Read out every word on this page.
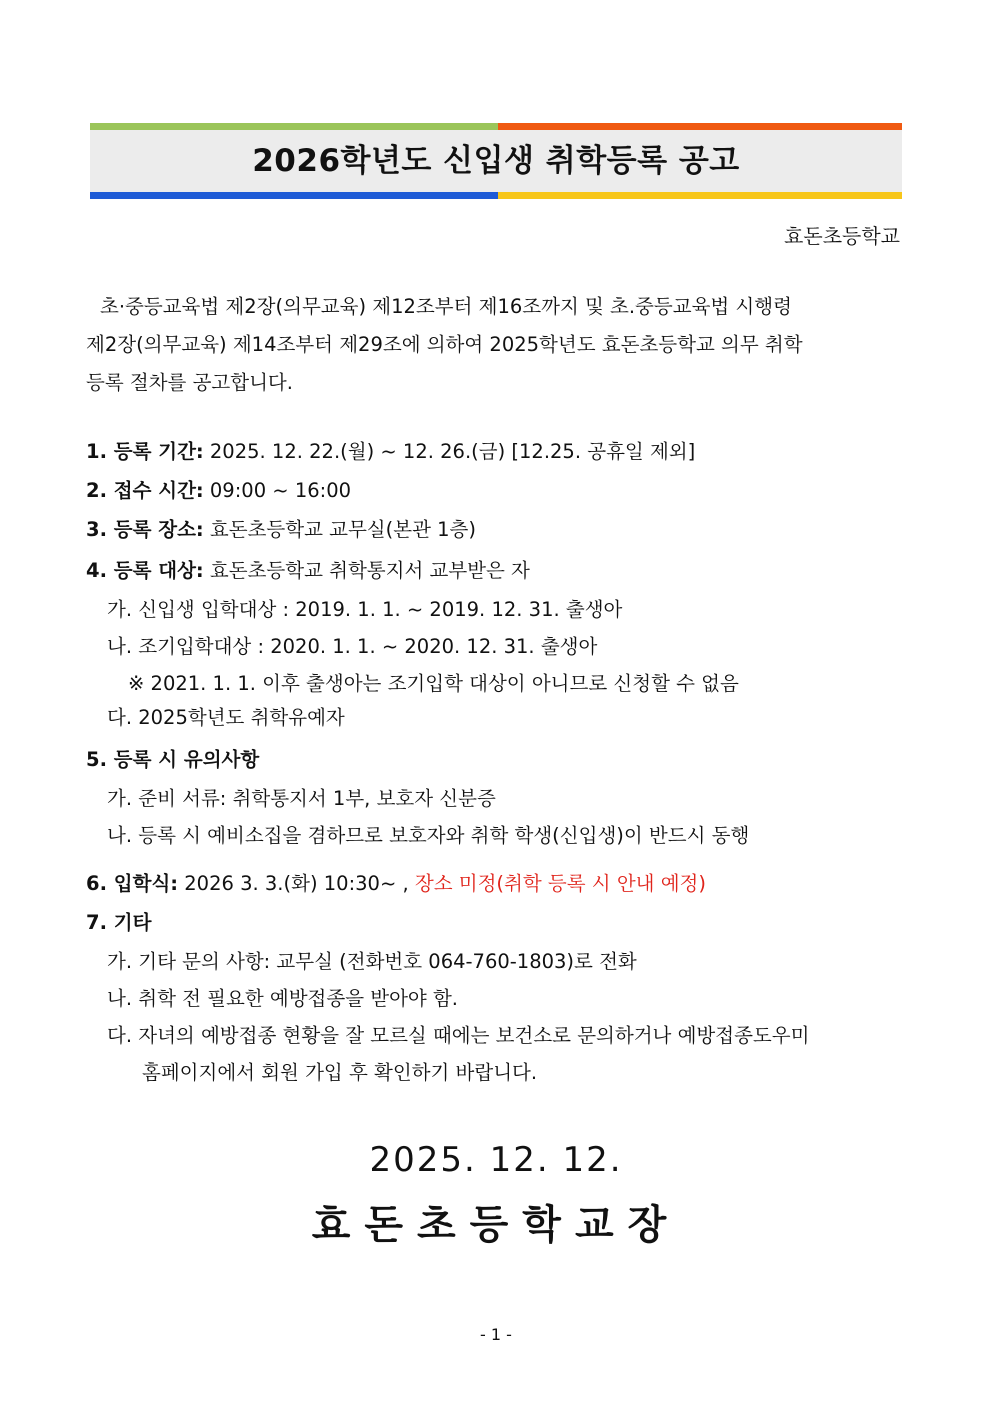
2026학년도 신입생 취학등록 공고
효돈초등학교

초·중등교육법 제2장(의무교육) 제12조부터 제16조까지 및 초.중등교육법 시행령

제2장(의무교육) 제14조부터 제29조에 의하여 2025학년도 효돈초등학교 의무 취학

등록 절차를 공고합니다.

1. 등록 기간: 2025. 12. 22.(월) ~ 12. 26.(금) [12.25. 공휴일 제외]
2. 접수 시간: 09:00 ~ 16:00
3. 등록 장소: 효돈초등학교 교무실(본관 1층)
4. 등록 대상: 효돈초등학교 취학통지서 교부받은 자
가. 신입생 입학대상 : 2019. 1. 1. ~ 2019. 12. 31. 출생아
나. 조기입학대상 : 2020. 1. 1. ~ 2020. 12. 31. 출생아
※ 2021. 1. 1. 이후 출생아는 조기입학 대상이 아니므로 신청할 수 없음
다. 2025학년도 취학유예자
5. 등록 시 유의사항
가. 준비 서류: 취학통지서 1부, 보호자 신분증
나. 등록 시 예비소집을 겸하므로 보호자와 취학 학생(신입생)이 반드시 동행
6. 입학식: 2026 3. 3.(화) 10:30~ , 장소 미정(취학 등록 시 안내 예정)
7. 기타
가. 기타 문의 사항: 교무실 (전화번호 064-760-1803)로 전화
나. 취학 전 필요한 예방접종을 받아야 함.
다. 자녀의 예방접종 현황을 잘 모르실 때에는 보건소로 문의하거나 예방접종도우미
홈페이지에서 회원 가입 후 확인하기 바랍니다.
2025. 12. 12.
효돈초등학교장
- 1 -
